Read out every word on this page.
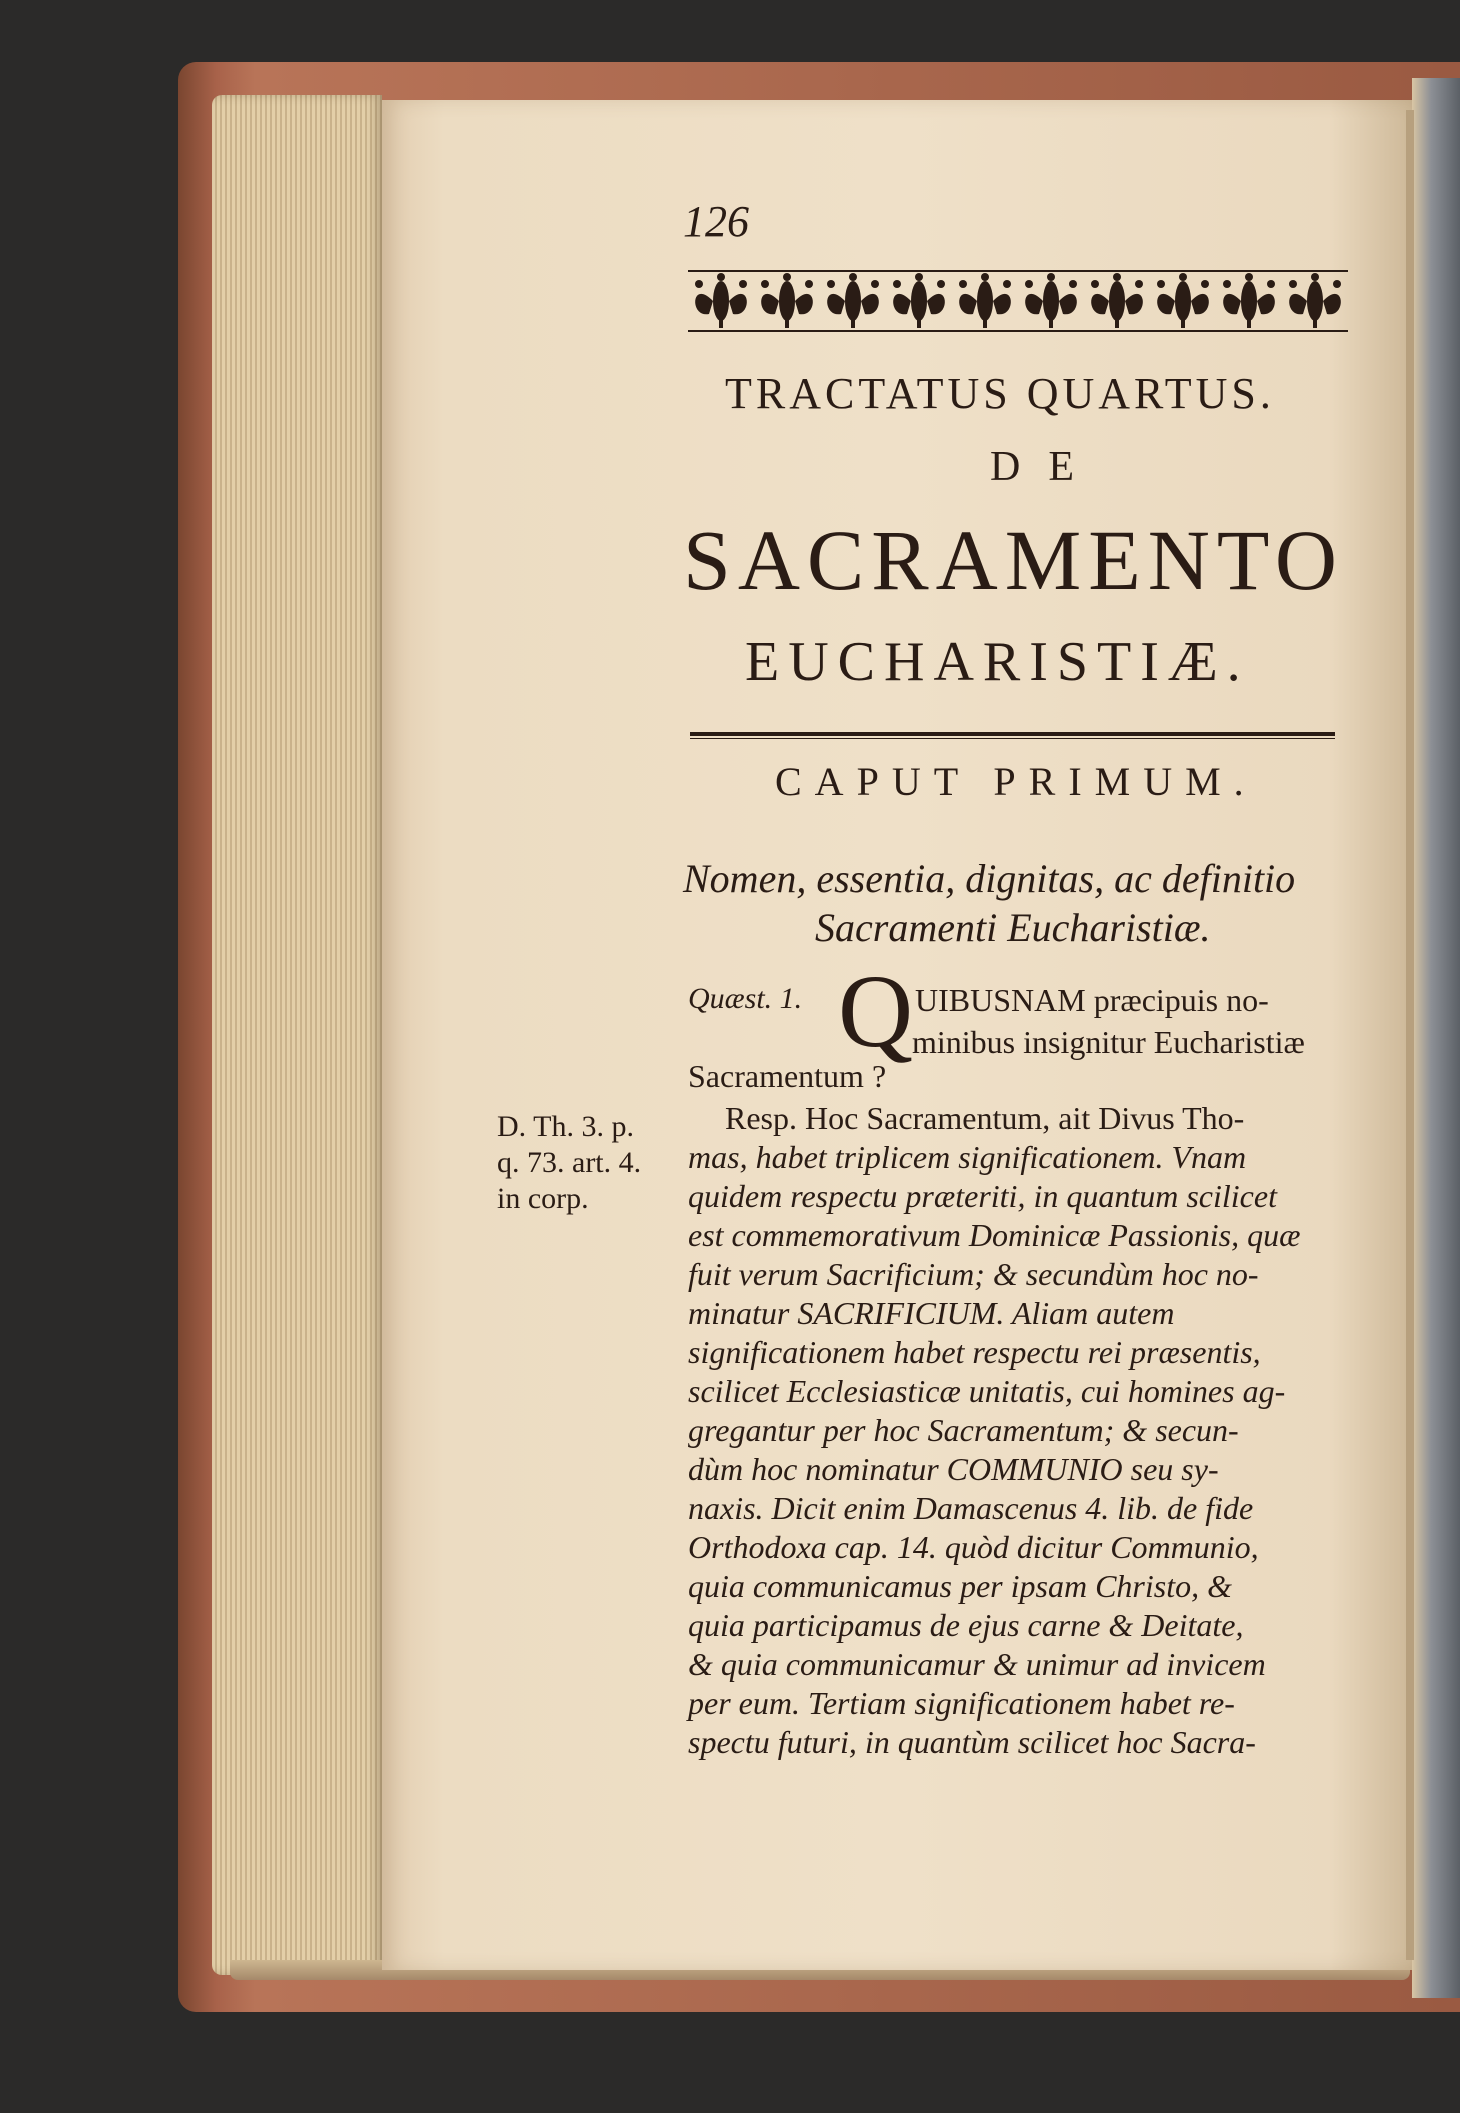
126
TRACTATUS QUARTUS.
DE
SACRAMENTO
EUCHARISTIÆ.
CAPUT PRIMUM.
Nomen, essentia, dignitas, ac definitio
Sacramenti Eucharistiæ.
Quæst. 1. Q UIBUSNAM præcipuis no-
minibus insignitur Eucharistiæ
Sacramentum ?
D. Th. 3. p.
q. 73. art. 4.
in corp.
Resp. Hoc Sacramentum, ait Divus Tho-
mas, habet triplicem significationem. Vnam
quidem respectu præteriti, in quantum scilicet
est commemorativum Dominicæ Passionis, quæ
fuit verum Sacrificium; & secundùm hoc no-
minatur SACRIFICIUM. Aliam autem
significationem habet respectu rei præsentis,
scilicet Ecclesiasticæ unitatis, cui homines ag-
gregantur per hoc Sacramentum; & secun-
dùm hoc nominatur COMMUNIO seu sy-
naxis. Dicit enim Damascenus 4. lib. de fide
Orthodoxa cap. 14. quòd dicitur Communio,
quia communicamus per ipsam Christo, &
quia participamus de ejus carne & Deitate,
& quia communicamur & unimur ad invicem
per eum. Tertiam significationem habet re-
spectu futuri, in quantùm scilicet hoc Sacra-
